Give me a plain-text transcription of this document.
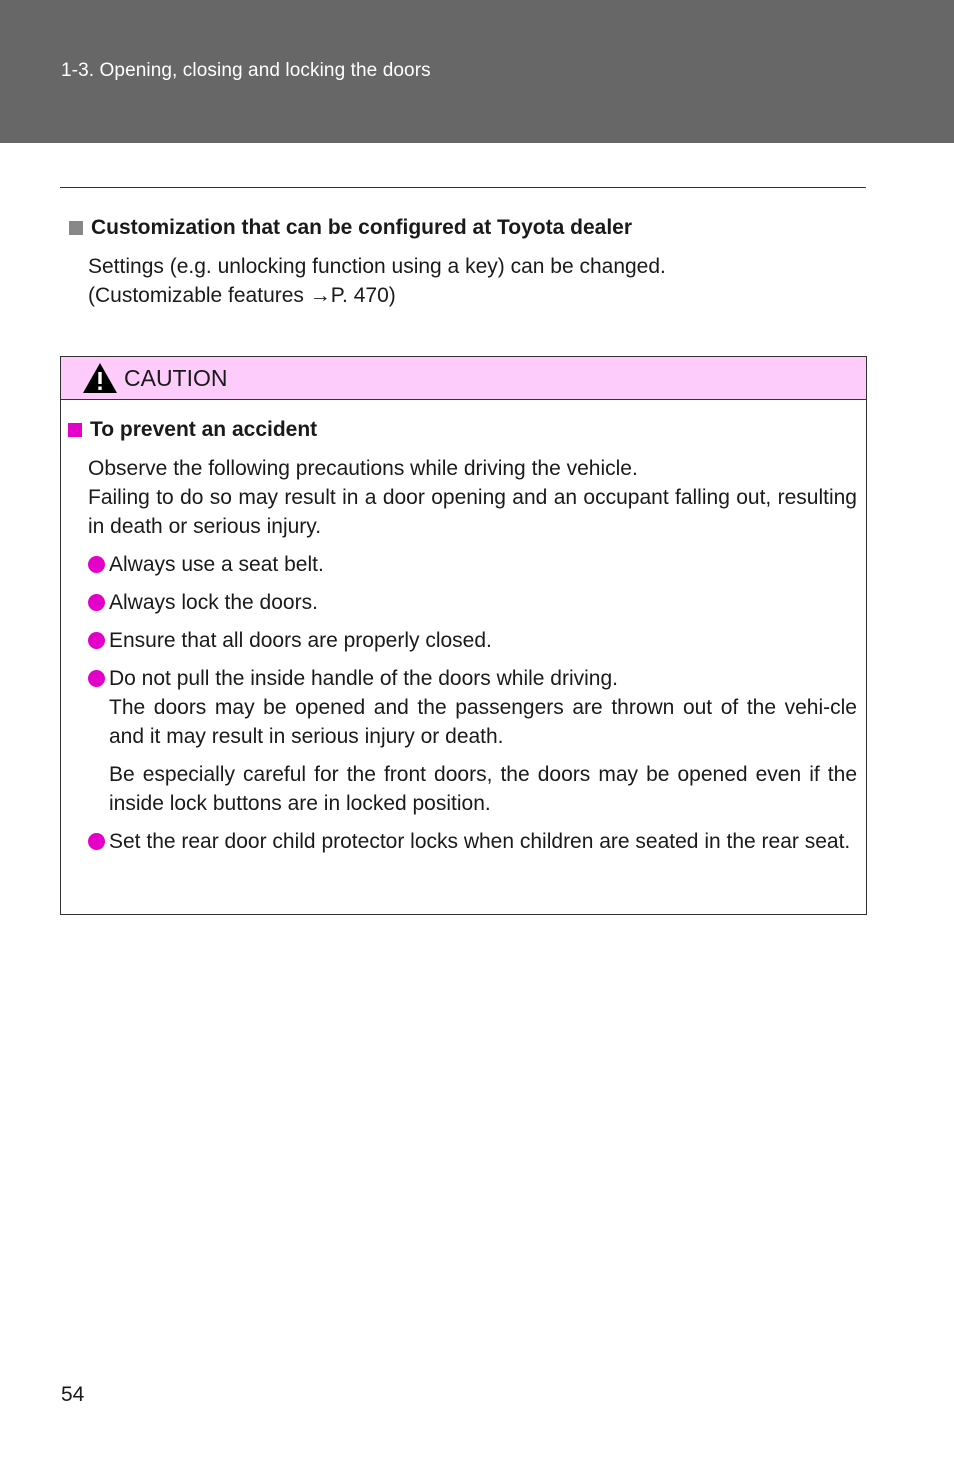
1-3. Opening, closing and locking the doors
Customization that can be configured at Toyota dealer
Settings (e.g. unlocking function using a key) can be changed.
(Customizable features →P. 470)
CAUTION
To prevent an accident
Observe the following precautions while driving the vehicle.
Failing to do so may result in a door opening and an occupant falling out, resulting in death or serious injury.
Always use a seat belt.
Always lock the doors.
Ensure that all doors are properly closed.
Do not pull the inside handle of the doors while driving.
The doors may be opened and the passengers are thrown out of the vehi-cle and it may result in serious injury or death.
Be especially careful for the front doors, the doors may be opened even if the inside lock buttons are in locked position.
Set the rear door child protector locks when children are seated in the rear seat.
54
